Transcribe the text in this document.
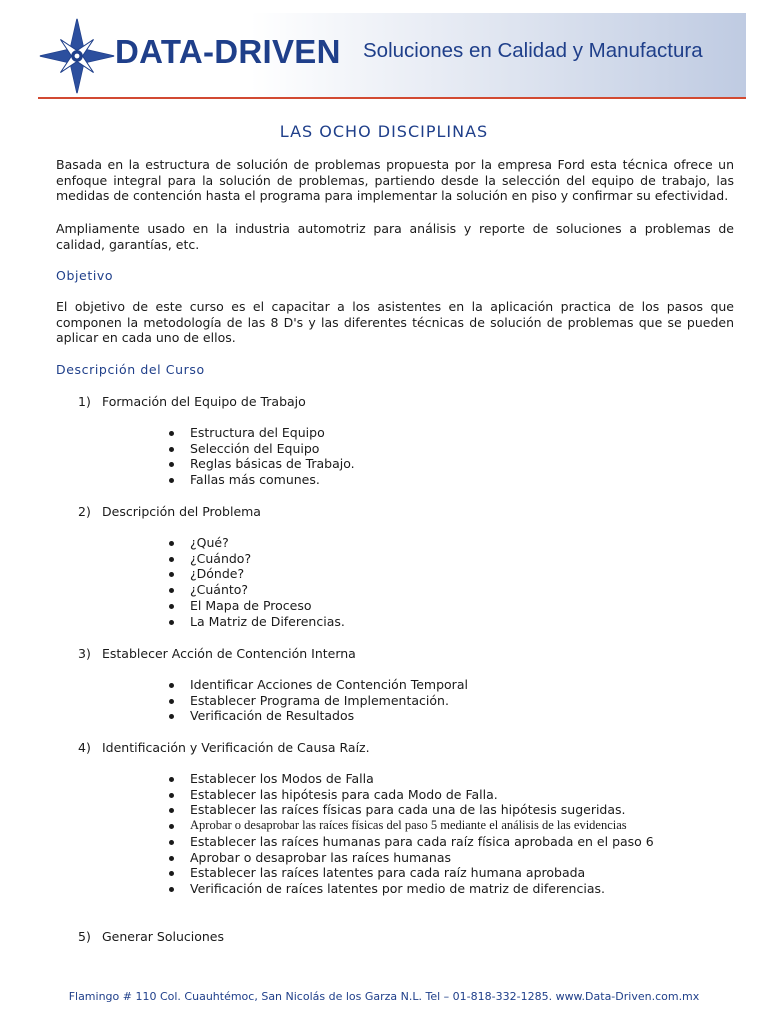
DATA-DRIVEN Soluciones en Calidad y Manufactura
LAS OCHO DISCIPLINAS

Basada en la estructura de solución de problemas propuesta por la empresa Ford esta técnica ofrece un enfoque integral para la solución de problemas, partiendo desde la selección del equipo de trabajo, las medidas de contención hasta el programa para implementar la solución en piso y confirmar su efectividad.

Ampliamente usado en la industria automotriz para análisis y reporte de soluciones a problemas de calidad, garantías, etc.

Objetivo

El objetivo de este curso es el capacitar a los asistentes en la aplicación practica de los pasos que componen la metodología de las 8 D's y las diferentes técnicas de solución de problemas que se pueden aplicar en cada uno de ellos.

Descripción del Curso
1) Formación del Equipo de Trabajo
Estructura del Equipo
Selección del Equipo
Reglas básicas de Trabajo.
Fallas más comunes.
2) Descripción del Problema
¿Qué?
¿Cuándo?
¿Dónde?
¿Cuánto?
El Mapa de Proceso
La Matriz de Diferencias.
3) Establecer Acción de Contención Interna
Identificar Acciones de Contención Temporal
Establecer Programa de Implementación.
Verificación de Resultados
4) Identificación y Verificación de Causa Raíz.
Establecer los Modos de Falla
Establecer las hipótesis para cada Modo de Falla.
Establecer las raíces físicas para cada una de las hipótesis sugeridas.
Aprobar o desaprobar las raíces físicas del paso 5 mediante el análisis de las evidencias
Establecer las raíces humanas para cada raíz física aprobada en el paso 6
Aprobar o desaprobar las raíces humanas
Establecer las raíces latentes para cada raíz humana aprobada
Verificación de raíces latentes por medio de matriz de diferencias.
5) Generar Soluciones
Flamingo # 110 Col. Cuauhtémoc, San Nicolás de los Garza N.L. Tel – 01-818-332-1285. www.Data-Driven.com.mx
